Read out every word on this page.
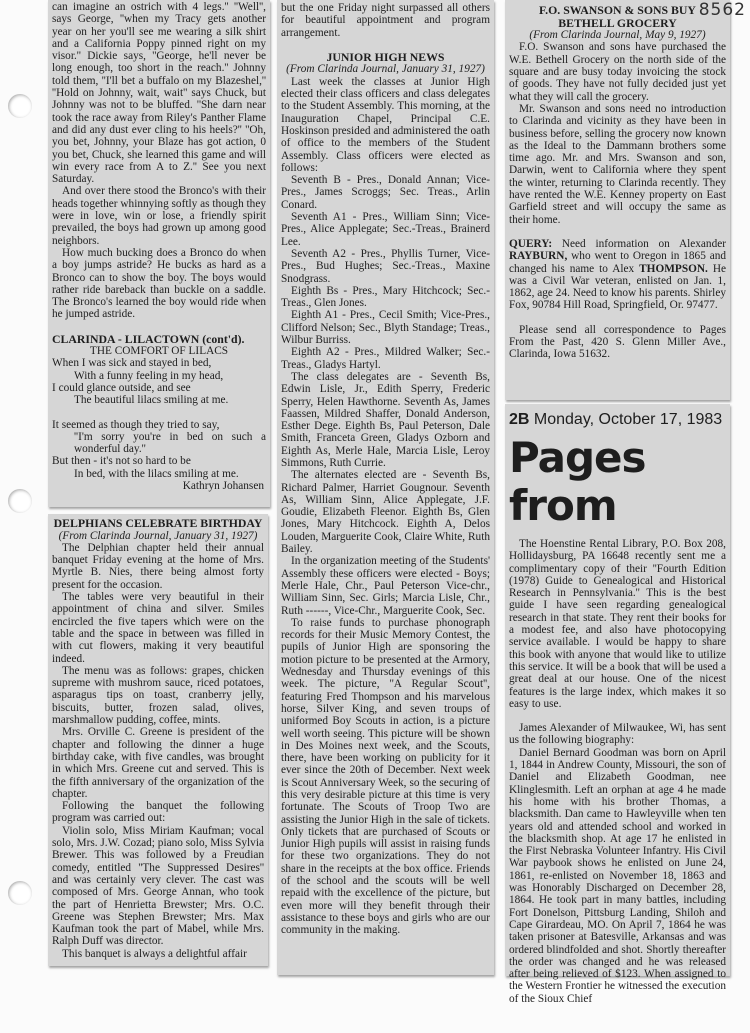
can imagine an ostrich with 4 legs.'' ''Well'', says George, ''when my Tracy gets another year on her you'll see me wearing a silk shirt and a California Poppy pinned right on my visor.'' Dickie says, ''George, he'll never be long enough, too short in the reach.'' Johnny told them, ''I'll bet a buffalo on my Blazeshel,'' ''Hold on Johnny, wait, wait'' says Chuck, but Johnny was not to be bluffed. ''She darn near took the race away from Riley's Panther Flame and did any dust ever cling to his heels?'' ''Oh, you bet, Johnny, your Blaze has got action, 0 you bet, Chuck, she learned this game and will win every race from A to Z.'' See you next Saturday.

And over there stood the Bronco's with their heads together whinnying softly as though they were in love, win or lose, a friendly spirit prevailed, the boys had grown up among good neighbors.

How much bucking does a Bronco do when a boy jumps astride? He bucks as hard as a Bronco can to show the boy. The boys would rather ride bareback than buckle on a saddle. The Bronco's learned the boy would ride when he jumped astride.

CLARINDA - LILACTOWN (cont'd).
THE COMFORT OF LILACS
When I was sick and stayed in bed,
With a funny feeling in my head,
I could glance outside, and see
The beautiful lilacs smiling at me.
It seemed as though they tried to say,
''I'm sorry you're in bed on such a wonderful day.''
But then - it's not so hard to be
In bed, with the lilacs smiling at me.
Kathryn Johansen
DELPHIANS CELEBRATE BIRTHDAY
(From Clarinda Journal, January 31, 1927)

The Delphian chapter held their annual banquet Friday evening at the home of Mrs. Myrtle B. Nies, there being almost forty present for the occasion.

The tables were very beautiful in their appointment of china and silver. Smiles encircled the five tapers which were on the table and the space in between was filled in with cut flowers, making it very beautiful indeed.

The menu was as follows: grapes, chicken supreme with mushrom sauce, riced potatoes, asparagus tips on toast, cranberry jelly, biscuits, butter, frozen salad, olives, marshmallow pudding, coffee, mints.

Mrs. Orville C. Greene is president of the chapter and following the dinner a huge birthday cake, with five candles, was brought in which Mrs. Greene cut and served. This is the fifth anniversary of the organization of the chapter.

Following the banquet the following program was carried out:

Violin solo, Miss Miriam Kaufman; vocal solo, Mrs. J.W. Cozad; piano solo, Miss Sylvia Brewer. This was followed by a Freudian comedy, entitled ''The Suppressed Desires'' and was certainly very clever. The cast was composed of Mrs. George Annan, who took the part of Henrietta Brewster; Mrs. O.C. Greene was Stephen Brewster; Mrs. Max Kaufman took the part of Mabel, while Mrs. Ralph Duff was director.

This banquet is always a delightful affair

but the one Friday night surpassed all others for beautiful appointment and program arrangement.

JUNIOR HIGH NEWS
(From Clarinda Journal, January 31, 1927)

Last week the classes at Junior High elected their class officers and class delegates to the Student Assembly. This morning, at the Inauguration Chapel, Principal C.E. Hoskinson presided and administered the oath of office to the members of the Student Assembly. Class officers were elected as follows:

Seventh B - Pres., Donald Annan; Vice-Pres., James Scroggs; Sec. Treas., Arlin Conard.

Seventh A1 - Pres., William Sinn; Vice-Pres., Alice Applegate; Sec.-Treas., Brainerd Lee.

Seventh A2 - Pres., Phyllis Turner, Vice-Pres., Bud Hughes; Sec.-Treas., Maxine Snodgrass.

Eighth Bs - Pres., Mary Hitchcock; Sec.-Treas., Glen Jones.

Eighth A1 - Pres., Cecil Smith; Vice-Pres., Clifford Nelson; Sec., Blyth Standage; Treas., Wilbur Burriss.

Eighth A2 - Pres., Mildred Walker; Sec.-Treas., Gladys Hartyl.

The class delegates are - Seventh Bs, Edwin Lisle, Jr., Edith Sperry, Frederic Sperry, Helen Hawthorne. Seventh As, James Faassen, Mildred Shaffer, Donald Anderson, Esther Dege. Eighth Bs, Paul Peterson, Dale Smith, Franceta Green, Gladys Ozborn and Eighth As, Merle Hale, Marcia Lisle, Leroy Simmons, Ruth Currie.

The alternates elected are - Seventh Bs, Richard Palmer, Harriet Gougnour. Seventh As, William Sinn, Alice Applegate, J.F. Goudie, Elizabeth Fleenor. Eighth Bs, Glen Jones, Mary Hitchcock. Eighth A, Delos Louden, Marguerite Cook, Claire White, Ruth Bailey.

In the organization meeting of the Students' Assembly these officers were elected - Boys; Merle Hale, Chr., Paul Peterson Vice-chr., William Sinn, Sec. Girls; Marcia Lisle, Chr., Ruth ------, Vice-Chr., Marguerite Cook, Sec.

To raise funds to purchase phonograph records for their Music Memory Contest, the pupils of Junior High are sponsoring the motion picture to be presented at the Armory, Wednesday and Thursday evenings of this week. The picture, ''A Regular Scout'', featuring Fred Thompson and his marvelous horse, Silver King, and seven troups of uniformed Boy Scouts in action, is a picture well worth seeing. This picture will be shown in Des Moines next week, and the Scouts, there, have been working on publicity for it ever since the 20th of December. Next week is Scout Anniversary Week, so the securing of this very desirable picture at this time is very fortunate. The Scouts of Troop Two are assisting the Junior High in the sale of tickets. Only tickets that are purchased of Scouts or Junior High pupils will assist in raising funds for these two organizations. They do not share in the receipts at the box office. Friends of the school and the scouts will be well repaid with the excellence of the picture, but even more will they benefit through their assistance to these boys and girls who are our community in the making.

F.O. SWANSON & SONS BUY
BETHELL GROCERY
(From Clarinda Journal, May 9, 1927)

F.O. Swanson and sons have purchased the W.E. Bethell Grocery on the north side of the square and are busy today invoicing the stock of goods. They have not fully decided just yet what they will call the grocery.

Mr. Swanson and sons need no introduction to Clarinda and vicinity as they have been in business before, selling the grocery now known as the Ideal to the Dammann brothers some time ago. Mr. and Mrs. Swanson and son, Darwin, went to California where they spent the winter, returning to Clarinda recently. They have rented the W.E. Kenney property on East Garfield street and will occupy the same as their home.

QUERY: Need information on Alexander RAYBURN, who went to Oregon in 1865 and changed his name to Alex THOMPSON. He was a Civil War veteran, enlisted on Jan. 1, 1862, age 24. Need to know his parents. Shirley Fox, 90784 Hill Road, Springfield, Or. 97477.

Please send all correspondence to Pages From the Past, 420 S. Glenn Miller Ave., Clarinda, Iowa 51632.

2B Monday, October 17, 1983
Pages from

The Hoenstine Rental Library, P.O. Box 208, Hollidaysburg, PA 16648 recently sent me a complimentary copy of their ''Fourth Edition (1978) Guide to Genealogical and Historical Research in Pennsylvania.'' This is the best guide I have seen regarding genealogical research in that state. They rent their books for a modest fee, and also have photocopying service available. I would be happy to share this book with anyone that would like to utilize this service. It will be a book that will be used a great deal at our house. One of the nicest features is the large index, which makes it so easy to use.

James Alexander of Milwaukee, Wi, has sent us the following biography:

Daniel Bernard Goodman was born on April 1, 1844 in Andrew County, Missouri, the son of Daniel and Elizabeth Goodman, nee Klinglesmith. Left an orphan at age 4 he made his home with his brother Thomas, a blacksmith. Dan came to Hawleyville when ten years old and attended school and worked in the blacksmith shop. At age 17 he enlisted in the First Nebraska Volunteer Infantry. His Civil War paybook shows he enlisted on June 24, 1861, re-enlisted on November 18, 1863 and was Honorably Discharged on December 28, 1864. He took part in many battles, including Fort Donelson, Pittsburg Landing, Shiloh and Cape Girardeau, MO. On April 7, 1864 he was taken prisoner at Batesville, Arkansas and was ordered blindfolded and shot. Shortly thereafter the order was changed and he was released after being relieved of $123. When assigned to the Western Frontier he witnessed the execution of the Sioux Chief

8562
